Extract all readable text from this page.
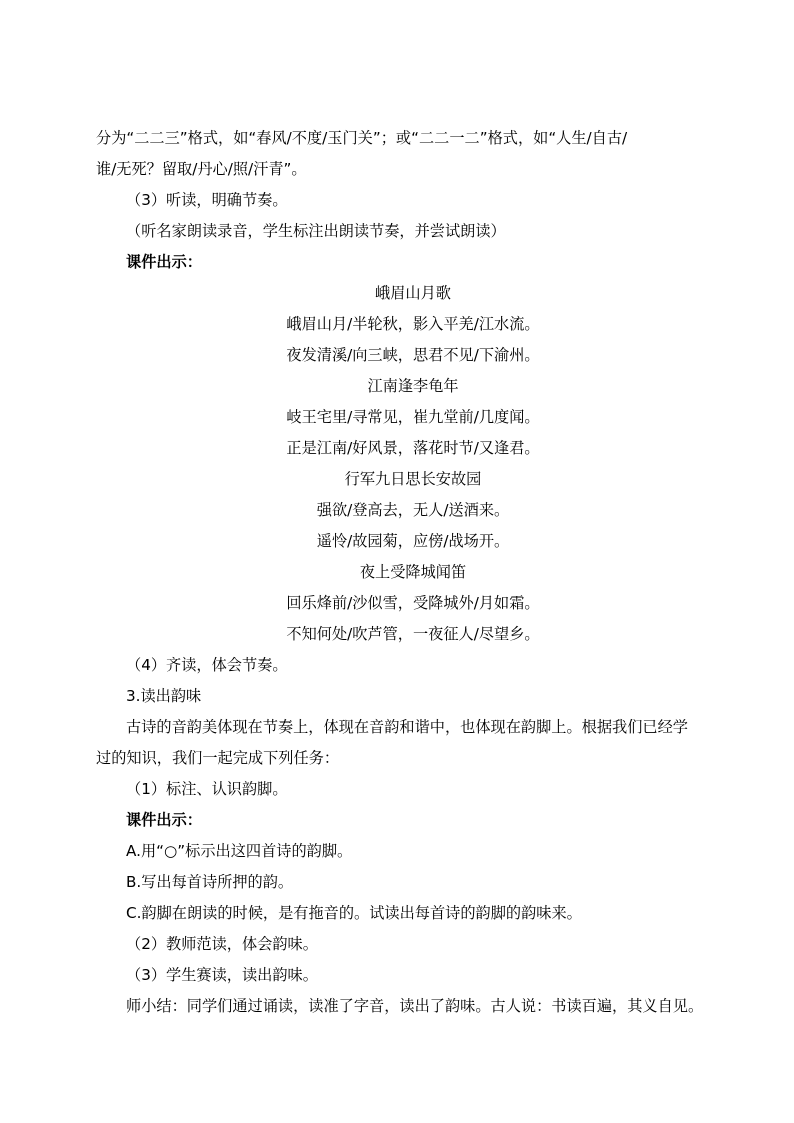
分为“二二三”格式，如“春风/不度/玉门关”；或“二二一二”格式，如“人生/自古/
谁/无死？留取/丹心/照/汗青”。
（3）听读，明确节奏。
（听名家朗读录音，学生标注出朗读节奏，并尝试朗读）
课件出示：
峨眉山月歌
峨眉山月/半轮秋，影入平羌/江水流。
夜发清溪/向三峡，思君不见/下渝州。
江南逢李龟年
岐王宅里/寻常见，崔九堂前/几度闻。
正是江南/好风景，落花时节/又逢君。
行军九日思长安故园
强欲/登高去，无人/送酒来。
遥怜/故园菊，应傍/战场开。
夜上受降城闻笛
回乐烽前/沙似雪，受降城外/月如霜。
不知何处/吹芦管，一夜征人/尽望乡。
（4）齐读，体会节奏。
3.读出韵味
古诗的音韵美体现在节奏上，体现在音韵和谐中，也体现在韵脚上。根据我们已经学
过的知识，我们一起完成下列任务：
（1）标注、认识韵脚。
课件出示：
A.用“○”标示出这四首诗的韵脚。
B.写出每首诗所押的韵。
C.韵脚在朗读的时候，是有拖音的。试读出每首诗的韵脚的韵味来。
（2）教师范读，体会韵味。
（3）学生赛读，读出韵味。
师小结：同学们通过诵读，读准了字音，读出了韵味。古人说：书读百遍，其义自见。
